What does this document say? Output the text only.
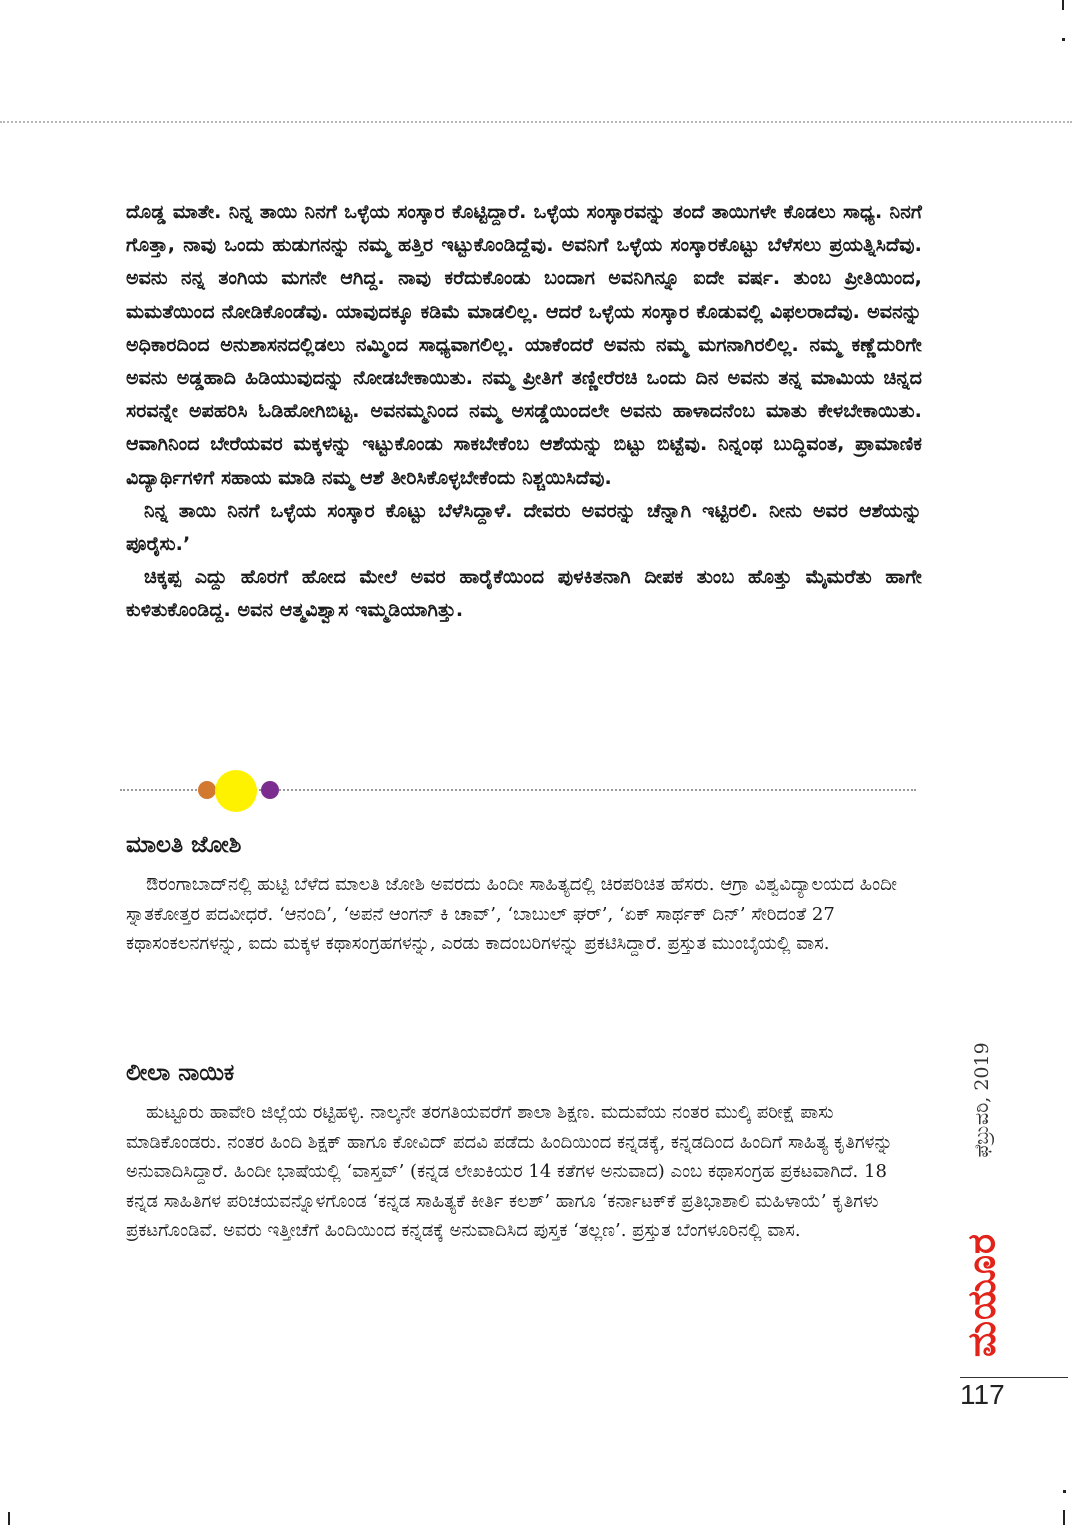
ದೊಡ್ಡ ಮಾತೇ. ನಿನ್ನ ತಾಯಿ ನಿನಗೆ ಒಳ್ಳೆಯ ಸಂಸ್ಕಾರ ಕೊಟ್ಟಿದ್ದಾರೆ. ಒಳ್ಳೆಯ ಸಂಸ್ಕಾರವನ್ನು ತಂದೆ ತಾಯಿಗಳೇ ಕೊಡಲು ಸಾಧ್ಯ. ನಿನಗೆ ಗೊತ್ತಾ, ನಾವು ಒಂದು ಹುಡುಗನನ್ನು ನಮ್ಮ ಹತ್ತಿರ ಇಟ್ಟುಕೊಂಡಿದ್ದೆವು. ಅವನಿಗೆ ಒಳ್ಳೆಯ ಸಂಸ್ಕಾರಕೊಟ್ಟು ಬೆಳೆಸಲು ಪ್ರಯತ್ನಿಸಿದೆವು. ಅವನು ನನ್ನ ತಂಗಿಯ ಮಗನೇ ಆಗಿದ್ದ. ನಾವು ಕರೆದುಕೊಂಡು ಬಂದಾಗ ಅವನಿಗಿನ್ನೂ ಐದೇ ವರ್ಷ. ತುಂಬ ಪ್ರೀತಿಯಿಂದ, ಮಮತೆಯಿಂದ ನೋಡಿಕೊಂಡೆವು. ಯಾವುದಕ್ಕೂ ಕಡಿಮೆ ಮಾಡಲಿಲ್ಲ. ಆದರೆ ಒಳ್ಳೆಯ ಸಂಸ್ಕಾರ ಕೊಡುವಲ್ಲಿ ವಿಫಲರಾದೆವು. ಅವನನ್ನು ಅಧಿಕಾರದಿಂದ ಅನುಶಾಸನದಲ್ಲಿಡಲು ನಮ್ಮಿಂದ ಸಾಧ್ಯವಾಗಲಿಲ್ಲ. ಯಾಕೆಂದರೆ ಅವನು ನಮ್ಮ ಮಗನಾಗಿರಲಿಲ್ಲ. ನಮ್ಮ ಕಣ್ಣೆದುರಿಗೇ ಅವನು ಅಡ್ಡಹಾದಿ ಹಿಡಿಯುವುದನ್ನು ನೋಡಬೇಕಾಯಿತು. ನಮ್ಮ ಪ್ರೀತಿಗೆ ತಣ್ಣೀರೆರಚಿ ಒಂದು ದಿನ ಅವನು ತನ್ನ ಮಾಮಿಯ ಚಿನ್ನದ ಸರವನ್ನೇ ಅಪಹರಿಸಿ ಓಡಿಹೋಗಿಬಿಟ್ಟ. ಅವನಮ್ಮನಿಂದ ನಮ್ಮ ಅಸಡ್ಡೆಯಿಂದಲೇ ಅವನು ಹಾಳಾದನೆಂಬ ಮಾತು ಕೇಳಬೇಕಾಯಿತು. ಆವಾಗಿನಿಂದ ಬೇರೆಯವರ ಮಕ್ಕಳನ್ನು ಇಟ್ಟುಕೊಂಡು ಸಾಕಬೇಕೆಂಬ ಆಶೆಯನ್ನು ಬಿಟ್ಟು ಬಿಟ್ಟೆವು. ನಿನ್ನಂಥ ಬುದ್ಧಿವಂತ, ಪ್ರಾಮಾಣಿಕ ವಿದ್ಯಾರ್ಥಿಗಳಿಗೆ ಸಹಾಯ ಮಾಡಿ ನಮ್ಮ ಆಶೆ ತೀರಿಸಿಕೊಳ್ಳಬೇಕೆಂದು ನಿಶ್ಚಯಿಸಿದೆವು.

ನಿನ್ನ ತಾಯಿ ನಿನಗೆ ಒಳ್ಳೆಯ ಸಂಸ್ಕಾರ ಕೊಟ್ಟು ಬೆಳೆಸಿದ್ದಾಳೆ. ದೇವರು ಅವರನ್ನು ಚೆನ್ನಾಗಿ ಇಟ್ಟಿರಲಿ. ನೀನು ಅವರ ಆಶೆಯನ್ನು ಪೂರೈಸು.’

ಚಿಕ್ಕಪ್ಪ ಎದ್ದು ಹೊರಗೆ ಹೋದ ಮೇಲೆ ಅವರ ಹಾರೈಕೆಯಿಂದ ಪುಳಕಿತನಾಗಿ ದೀಪಕ ತುಂಬ ಹೊತ್ತು ಮೈಮರೆತು ಹಾಗೇ ಕುಳಿತುಕೊಂಡಿದ್ದ. ಅವನ ಆತ್ಮವಿಶ್ವಾಸ ಇಮ್ಮಡಿಯಾಗಿತ್ತು.

ಮಾಲತಿ ಜೋಶಿ

ಔರಂಗಾಬಾದ್‌ನಲ್ಲಿ ಹುಟ್ಟಿ ಬೆಳೆದ ಮಾಲತಿ ಜೋಶಿ ಅವರದು ಹಿಂದೀ ಸಾಹಿತ್ಯದಲ್ಲಿ ಚಿರಪರಿಚಿತ ಹೆಸರು. ಆಗ್ರಾ ವಿಶ್ವವಿದ್ಯಾಲಯದ ಹಿಂದೀ ಸ್ನಾತಕೋತ್ತರ ಪದವೀಧರೆ. ‘ಆನಂದಿ’, ‘ಅಪನೆ ಆಂಗನ್ ಕಿ ಚಾವ್’, ‘ಬಾಬುಲ್ ಘರ್’, ‘ಏಕ್ ಸಾರ್ಥಕ್ ದಿನ್’ ಸೇರಿದಂತೆ 27 ಕಥಾಸಂಕಲನಗಳನ್ನು, ಐದು ಮಕ್ಕಳ ಕಥಾಸಂಗ್ರಹಗಳನ್ನು, ಎರಡು ಕಾದಂಬರಿಗಳನ್ನು ಪ್ರಕಟಿಸಿದ್ದಾರೆ. ಪ್ರಸ್ತುತ ಮುಂಬೈಯಲ್ಲಿ ವಾಸ.

ಲೀಲಾ ನಾಯಿಕ

ಹುಟ್ಟೂರು ಹಾವೇರಿ ಜಿಲ್ಲೆಯ ರಟ್ಟಿಹಳ್ಳಿ. ನಾಲ್ಕನೇ ತರಗತಿಯವರೆಗೆ ಶಾಲಾ ಶಿಕ್ಷಣ. ಮದುವೆಯ ನಂತರ ಮುಲ್ಕಿ ಪರೀಕ್ಷೆ ಪಾಸು ಮಾಡಿಕೊಂಡರು. ನಂತರ ಹಿಂದಿ ಶಿಕ್ಷಕ್ ಹಾಗೂ ಕೋವಿದ್ ಪದವಿ ಪಡೆದು ಹಿಂದಿಯಿಂದ ಕನ್ನಡಕ್ಕೆ, ಕನ್ನಡದಿಂದ ಹಿಂದಿಗೆ ಸಾಹಿತ್ಯ ಕೃತಿಗಳನ್ನು ಅನುವಾದಿಸಿದ್ದಾರೆ. ಹಿಂದೀ ಭಾಷೆಯಲ್ಲಿ ‘ವಾಸ್ತವ್’ (ಕನ್ನಡ ಲೇಖಕಿಯರ 14 ಕತೆಗಳ ಅನುವಾದ) ಎಂಬ ಕಥಾಸಂಗ್ರಹ ಪ್ರಕಟವಾಗಿದೆ. 18 ಕನ್ನಡ ಸಾಹಿತಿಗಳ ಪರಿಚಯವನ್ನೊಳಗೊಂಡ ‘ಕನ್ನಡ ಸಾಹಿತ್ಯಕೆ ಕೀರ್ತಿ ಕಲಶ್’ ಹಾಗೂ ‘ಕರ್ನಾಟಕ್‌ಕೆ ಪ್ರತಿಭಾಶಾಲಿ ಮಹಿಳಾಯೆ’ ಕೃತಿಗಳು ಪ್ರಕಟಗೊಂಡಿವೆ. ಅವರು ಇತ್ತೀಚೆಗೆ ಹಿಂದಿಯಿಂದ ಕನ್ನಡಕ್ಕೆ ಅನುವಾದಿಸಿದ ಪುಸ್ತಕ ‘ತಲ್ಲಣ’. ಪ್ರಸ್ತುತ ಬೆಂಗಳೂರಿನಲ್ಲಿ ವಾಸ.

ಫೆಬ್ರುವರಿ, 2019
ಮಯೂರ
117
